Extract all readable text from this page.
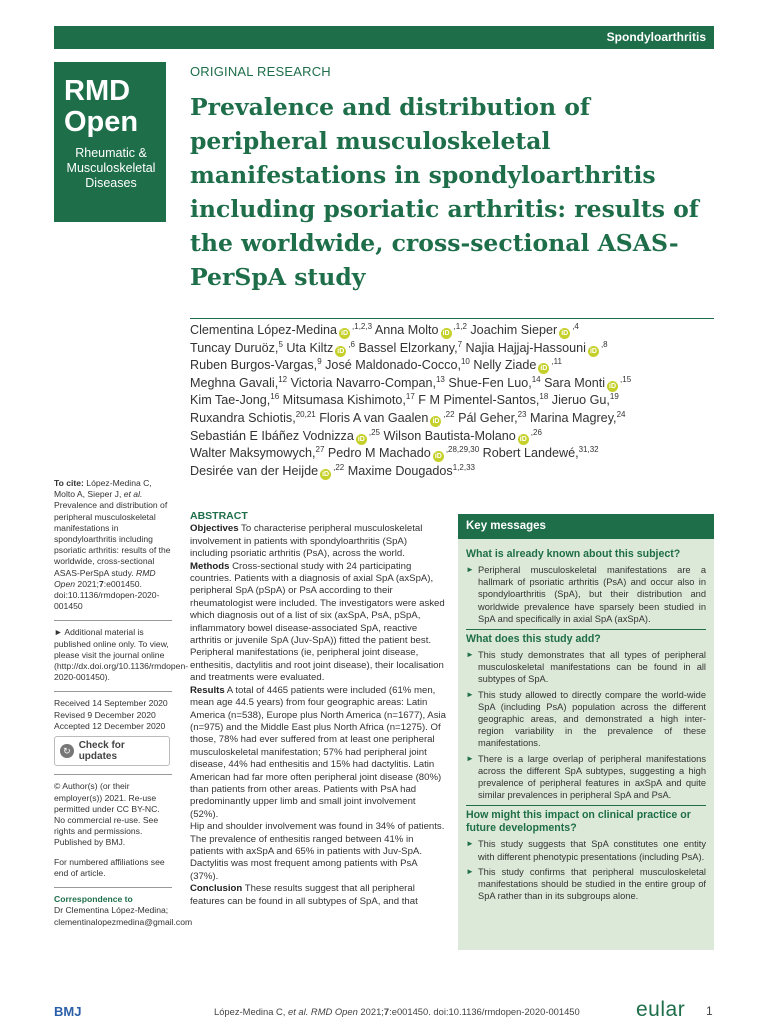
Spondyloarthritis
RMD
Open
Rheumatic &
Musculoskeletal
Diseases
ORIGINAL RESEARCH
Prevalence and distribution of peripheral musculoskeletal manifestations in spondyloarthritis including psoriatic arthritis: results of the worldwide, cross-sectional ASAS-PerSpA study
Clementina López-Medina $iD^{,1,2,3}$ Anna Molto $iD^{,1,2}$ Joachim Sieper $iD^{,4}$
Tuncay Duruöz,$^5$ Uta Kiltz $iD^{,6}$ Bassel Elzorkany,$^7$ Najia Hajjaj-Hassouni $iD^{,8}$
Ruben Burgos-Vargas,$^9$ José Maldonado-Cocco,$^{10}$ Nelly Ziade $iD^{,11}$
Meghna Gavali,$^{12}$ Victoria Navarro-Compan,$^{13}$ Shue-Fen Luo,$^{14}$ Sara Monti $iD^{,15}$
Kim Tae-Jong,$^{16}$ Mitsumasa Kishimoto,$^{17}$ F M Pimentel-Santos,$^{18}$ Jieruo Gu,$^{19}$
Ruxandra Schiotis,$^{20,21}$ Floris A van Gaalen $iD^{,22}$ Pál Geher,$^{23}$ Marina Magrey,$^{24}$
Sebastián E Ibáñez Vodnizza $iD^{,25}$ Wilson Bautista-Molano $iD^{,26}$
Walter Maksymowych,$^{27}$ Pedro M Machado $iD^{,28,29,30}$ Robert Landewé,$^{31,32}$
Desirée van der Heijde $iD^{,22}$ Maxime Dougados$^{1,2,33}$

To cite: López-Medina C, Molto A, Sieper J, et al. Prevalence and distribution of peripheral musculoskeletal manifestations in spondyloarthritis including psoriatic arthritis: results of the worldwide, cross-sectional ASAS-PerSpA study. RMD Open 2021;7:e001450. doi:10.1136/rmdopen-2020-001450

► Additional material is published online only. To view, please visit the journal online (http://dx.doi.org/10.1136/rmdopen-2020-001450).

Received 14 September 2020
Revised 9 December 2020
Accepted 12 December 2020
↻
Check for updates

© Author(s) (or their employer(s)) 2021. Re-use permitted under CC BY-NC. No commercial re-use. See rights and permissions. Published by BMJ.

For numbered affiliations see end of article.

Correspondence to
Dr Clementina López-Medina; clementinalopezmedina@gmail.com
ABSTRACT
Objectives To characterise peripheral musculoskeletal involvement in patients with spondyloarthritis (SpA) including psoriatic arthritis (PsA), across the world.
Methods Cross-sectional study with 24 participating countries. Patients with a diagnosis of axial SpA (axSpA), peripheral SpA (pSpA) or PsA according to their rheumatologist were included. The investigators were asked which diagnosis out of a list of six (axSpA, PsA, pSpA, inflammatory bowel disease-associated SpA, reactive arthritis or juvenile SpA (Juv-SpA)) fitted the patient best. Peripheral manifestations (ie, peripheral joint disease, enthesitis, dactylitis and root joint disease), their localisation and treatments were evaluated.
Results A total of 4465 patients were included (61% men, mean age 44.5 years) from four geographic areas: Latin America (n=538), Europe plus North America (n=1677), Asia (n=975) and the Middle East plus North Africa (n=1275). Of those, 78% had ever suffered from at least one peripheral musculoskeletal manifestation; 57% had peripheral joint disease, 44% had enthesitis and 15% had dactylitis. Latin American had far more often peripheral joint disease (80%) than patients from other areas. Patients with PsA had predominantly upper limb and small joint involvement (52%).
Hip and shoulder involvement was found in 34% of patients. The prevalence of enthesitis ranged between 41% in patients with axSpA and 65% in patients with Juv-SpA. Dactylitis was most frequent among patients with PsA (37%).
Conclusion These results suggest that all peripheral features can be found in all subtypes of SpA, and that
Key messages
What is already known about this subject?
► Peripheral musculoskeletal manifestations are a hallmark of psoriatic arthritis (PsA) and occur also in spondyloarthritis (SpA), but their distribution and worldwide prevalence have sparsely been studied in SpA and specifically in axial SpA (axSpA).
What does this study add?
► This study demonstrates that all types of peripheral musculoskeletal manifestations can be found in all subtypes of SpA.
► This study allowed to directly compare the world-wide SpA (including PsA) population across the different geographic areas, and demonstrated a high inter-region variability in the prevalence of these manifestations.
► There is a large overlap of peripheral manifestations across the different SpA subtypes, suggesting a high prevalence of peripheral features in axSpA and quite similar prevalences in peripheral SpA and PsA.
How might this impact on clinical practice or future developments?
► This study suggests that SpA constitutes one entity with different phenotypic presentations (including PsA).
► This study confirms that peripheral musculoskeletal manifestations should be studied in the entire group of SpA rather than in its subgroups alone.
BMJ	López-Medina C, et al. RMD Open 2021;7:e001450. doi:10.1136/rmdopen-2020-001450	eular 1
